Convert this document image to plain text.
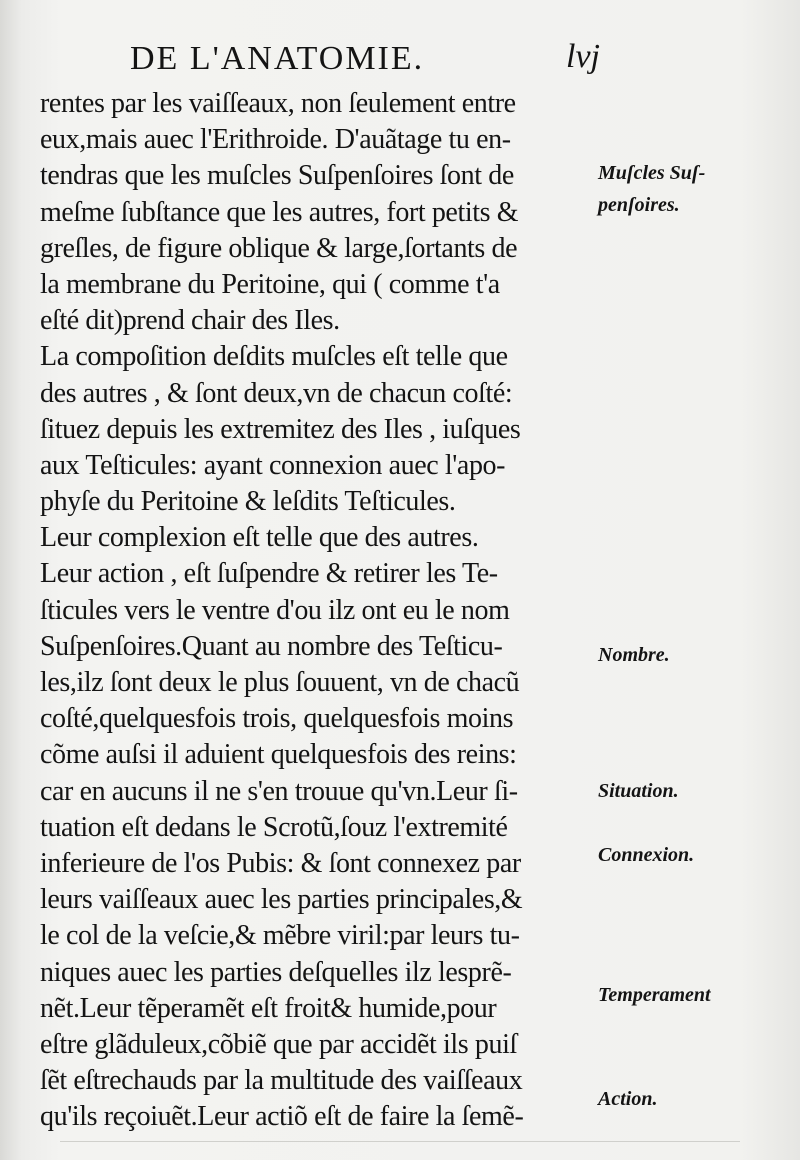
DE L'ANATOMIE.	lvj
rentes par les vaiſſeaux, non ſeulement entre
eux,mais auec l'Erithroide. D'auãtage tu en-
tendras que les muſcles Suſpenſoires ſont de
meſme ſubſtance que les autres, fort petits &
greſles, de figure oblique & large,ſortants de
la membrane du Peritoine, qui ( comme t'a
eſté dit)prend chair des Iles.
La compoſition deſdits muſcles eſt telle que
des autres , & ſont deux,vn de chacun coſté:
ſituez depuis les extremitez des Iles , iuſques
aux Teſticules: ayant connexion auec l'apo-
phyſe du Peritoine & leſdits Teſticules.
Leur complexion eſt telle que des autres.
Leur action , eſt ſuſpendre & retirer les Te-
ſticules vers le ventre d'ou ilz ont eu le nom
Suſpenſoires.Quant au nombre des Teſticu-
les,ilz ſont deux le plus ſouuent, vn de chacũ
coſté,quelquesfois trois, quelquesfois moins
cõme auſsi il aduient quelquesfois des reins:
car en aucuns il ne s'en trouue qu'vn.Leur ſi-
tuation eſt dedans le Scrotũ,ſouz l'extremité
inferieure de l'os Pubis: & ſont connexez par
leurs vaiſſeaux auec les parties principales,&
le col de la veſcie,& mẽbre viril:par leurs tu-
niques auec les parties deſquelles ilz lesprẽ-
nẽt.Leur tẽperamẽt eſt froit& humide,pour
eſtre glãduleux,cõbiẽ que par accidẽt ils puiſ
ſẽt eſtrechauds par la multitude des vaiſſeaux
qu'ils reçoiuẽt.Leur actiõ eſt de faire la ſemẽ-
Muſcles Suſ-
penſoires.
Nombre.
Situation.
Connexion.
Temperament
Action.
